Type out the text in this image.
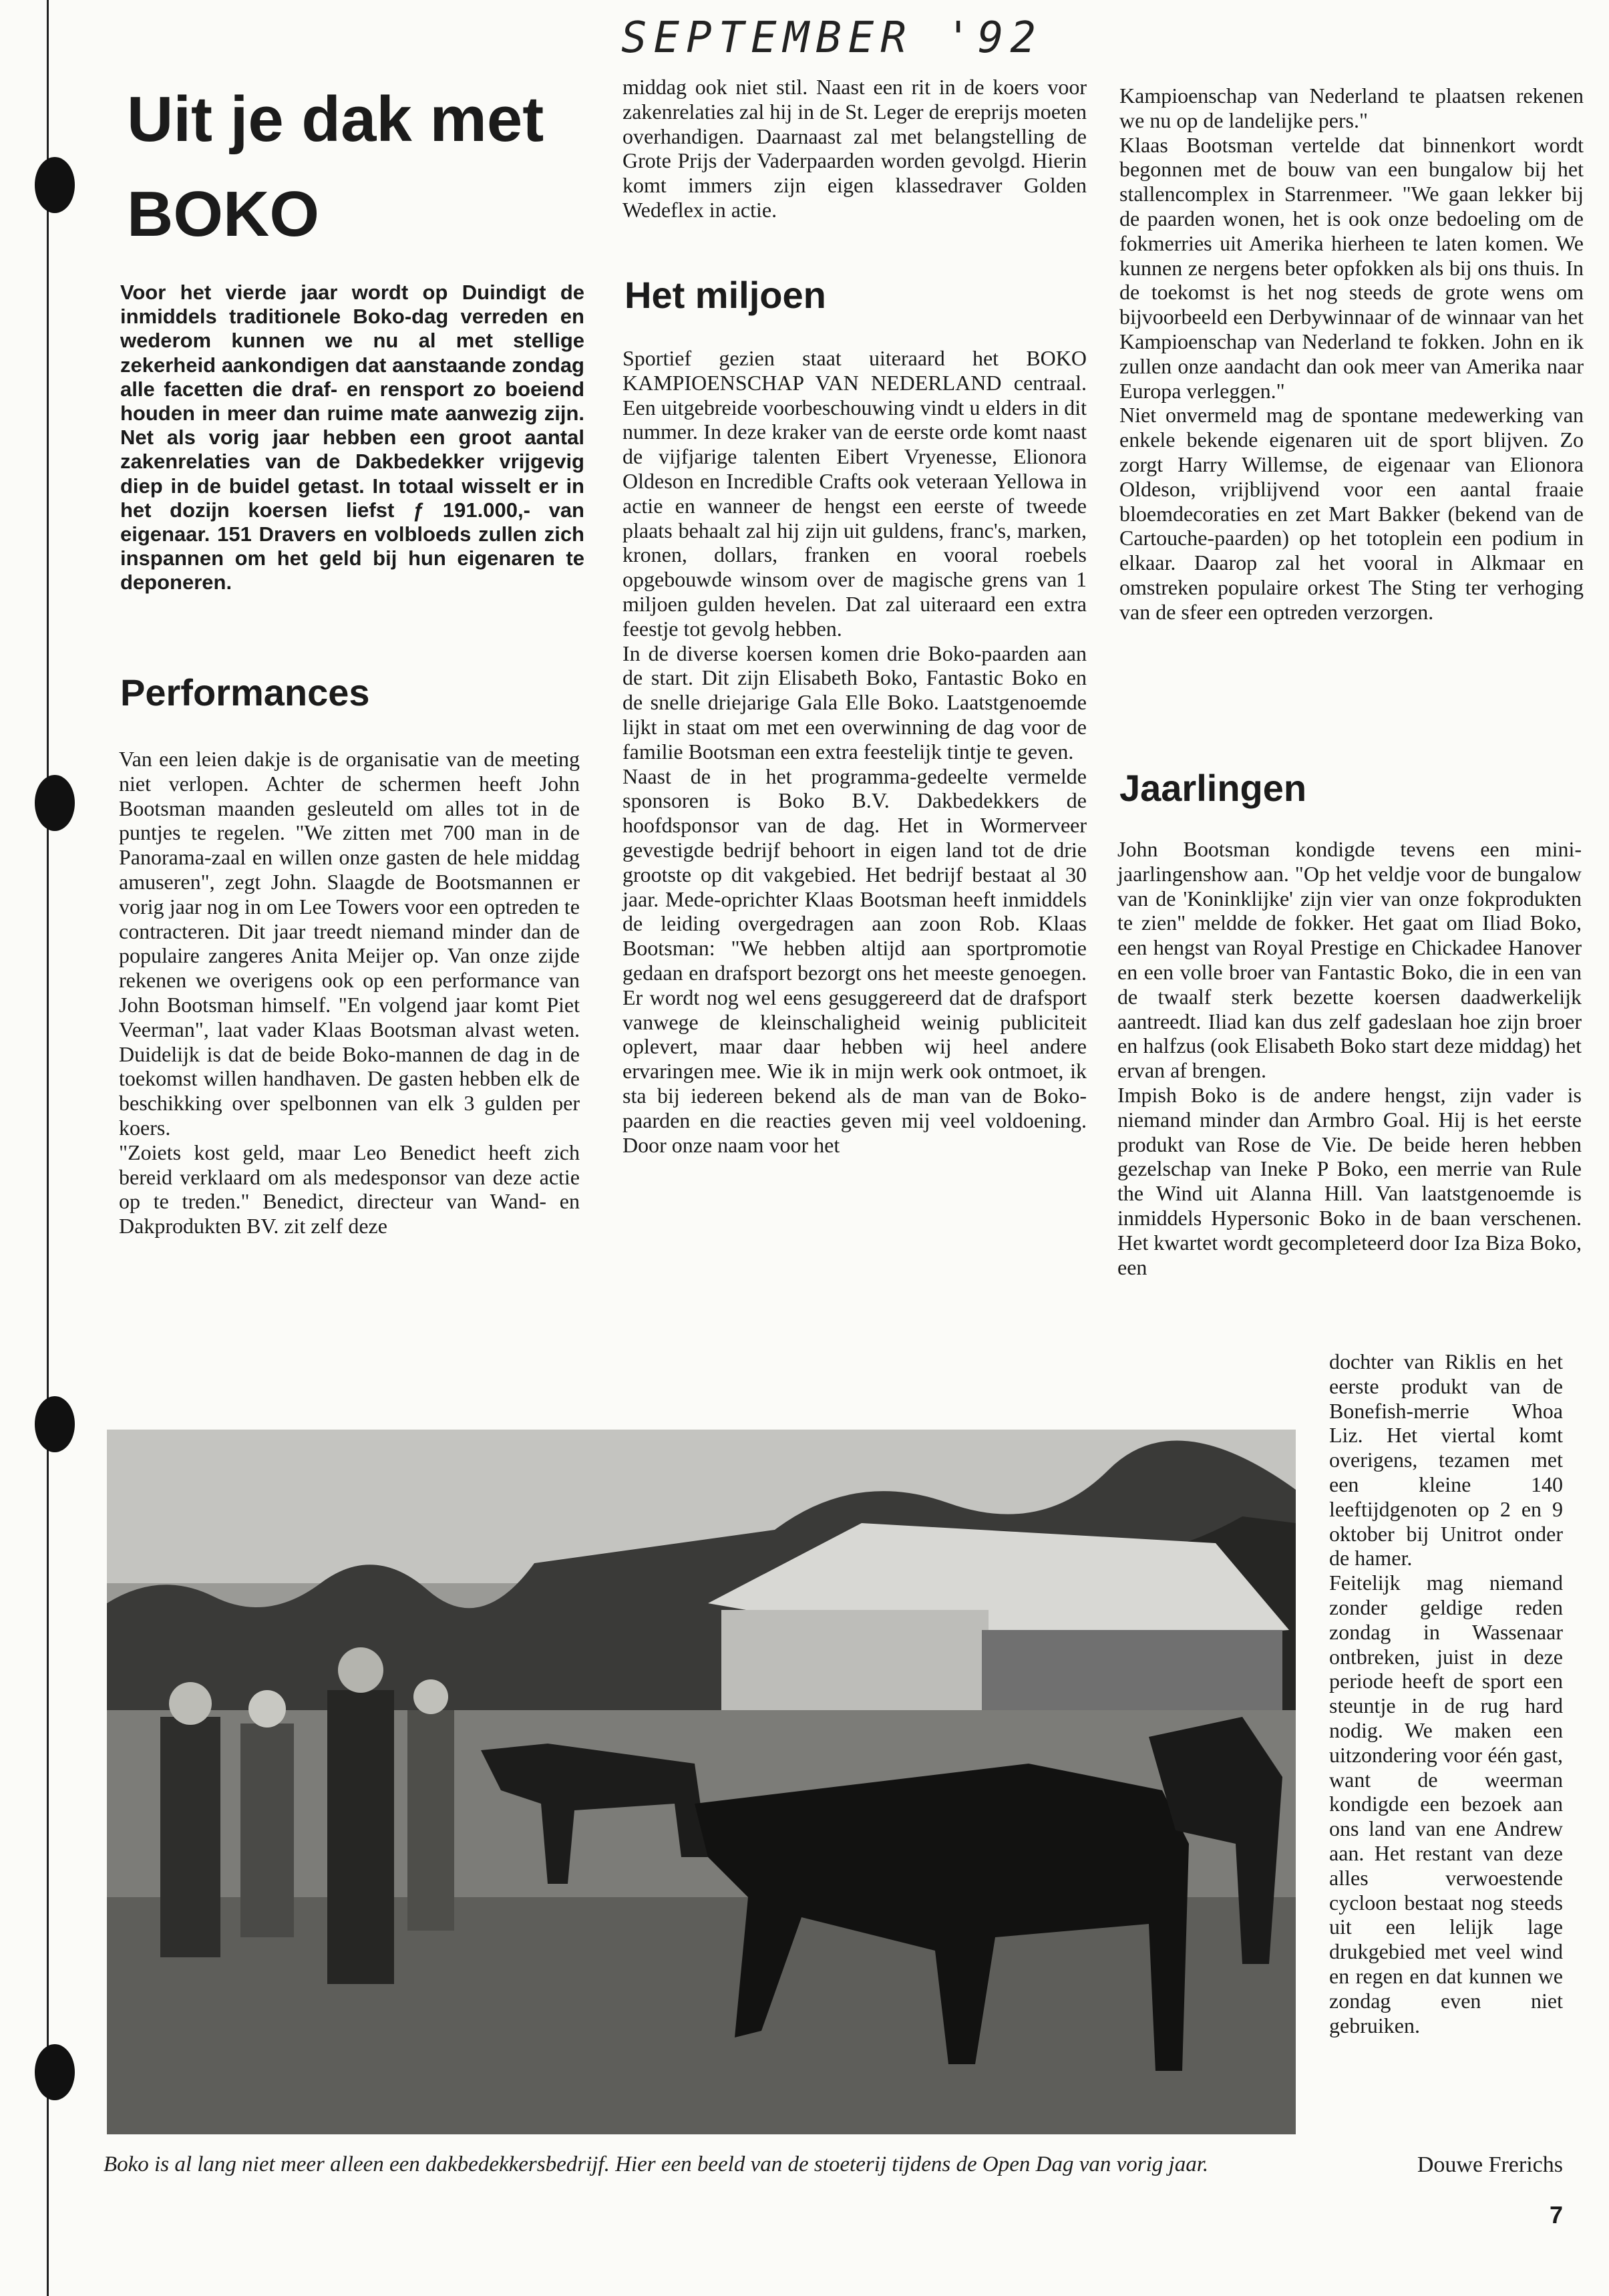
SEPTEMBER '92
Uit je dak met
BOKO

Voor het vierde jaar wordt op Duindigt de inmiddels traditionele Boko-dag verreden en wederom kunnen we nu al met stellige zekerheid aankondigen dat aanstaande zondag alle facetten die draf- en rensport zo boeiend houden in meer dan ruime mate aanwezig zijn. Net als vorig jaar hebben een groot aantal zakenrelaties van de Dakbedekker vrijgevig diep in de buidel getast. In totaal wisselt er in het dozijn koersen liefst ƒ 191.000,- van eigenaar. 151 Dravers en volbloeds zullen zich inspannen om het geld bij hun eigenaren te deponeren.

Performances

Van een leien dakje is de organisatie van de meeting niet verlopen. Achter de schermen heeft John Bootsman maanden gesleuteld om alles tot in de puntjes te regelen. "We zitten met 700 man in de Panorama-zaal en willen onze gasten de hele middag amuseren", zegt John. Slaagde de Bootsmannen er vorig jaar nog in om Lee Towers voor een optreden te contracteren. Dit jaar treedt niemand minder dan de populaire zangeres Anita Meijer op. Van onze zijde rekenen we overigens ook op een performance van John Bootsman himself. "En volgend jaar komt Piet Veerman", laat vader Klaas Bootsman alvast weten. Duidelijk is dat de beide Boko-mannen de dag in de toekomst willen handhaven. De gasten hebben elk de beschikking over spelbonnen van elk 3 gulden per koers.

"Zoiets kost geld, maar Leo Benedict heeft zich bereid verklaard om als medesponsor van deze actie op te treden." Benedict, directeur van Wand- en Dakprodukten BV. zit zelf deze

middag ook niet stil. Naast een rit in de koers voor zakenrelaties zal hij in de St. Leger de ereprijs moeten overhandigen. Daarnaast zal met belangstelling de Grote Prijs der Vaderpaarden worden gevolgd. Hierin komt immers zijn eigen klassedraver Golden Wedeflex in actie.

Het miljoen

Sportief gezien staat uiteraard het BOKO KAMPIOENSCHAP VAN NEDERLAND centraal. Een uitgebreide voorbeschouwing vindt u elders in dit nummer. In deze kraker van de eerste orde komt naast de vijfjarige talenten Eibert Vryenesse, Elionora Oldeson en Incredible Crafts ook veteraan Yellowa in actie en wanneer de hengst een eerste of tweede plaats behaalt zal hij zijn uit guldens, franc's, marken, kronen, dollars, franken en vooral roebels opgebouwde winsom over de magische grens van 1 miljoen gulden hevelen. Dat zal uiteraard een extra feestje tot gevolg hebben.

In de diverse koersen komen drie Boko-paarden aan de start. Dit zijn Elisabeth Boko, Fantastic Boko en de snelle driejarige Gala Elle Boko. Laatstgenoemde lijkt in staat om met een overwinning de dag voor de familie Bootsman een extra feestelijk tintje te geven.

Naast de in het programma-gedeelte vermelde sponsoren is Boko B.V. Dakbedekkers de hoofdsponsor van de dag. Het in Wormerveer gevestigde bedrijf behoort in eigen land tot de drie grootste op dit vakgebied. Het bedrijf bestaat al 30 jaar. Mede-oprichter Klaas Bootsman heeft inmiddels de leiding overgedragen aan zoon Rob. Klaas Bootsman: "We hebben altijd aan sportpromotie gedaan en drafsport bezorgt ons het meeste genoegen. Er wordt nog wel eens gesuggereerd dat de drafsport vanwege de kleinschaligheid weinig publiciteit oplevert, maar daar hebben wij heel andere ervaringen mee. Wie ik in mijn werk ook ontmoet, ik sta bij iedereen bekend als de man van de Boko-paarden en die reacties geven mij veel voldoening. Door onze naam voor het

Kampioenschap van Nederland te plaatsen rekenen we nu op de landelijke pers."

Klaas Bootsman vertelde dat binnenkort wordt begonnen met de bouw van een bungalow bij het stallencomplex in Starrenmeer. "We gaan lekker bij de paarden wonen, het is ook onze bedoeling om de fokmerries uit Amerika hierheen te laten komen. We kunnen ze nergens beter opfokken als bij ons thuis. In de toekomst is het nog steeds de grote wens om bijvoorbeeld een Derbywinnaar of de winnaar van het Kampioenschap van Nederland te fokken. John en ik zullen onze aandacht dan ook meer van Amerika naar Europa verleggen."

Niet onvermeld mag de spontane medewerking van enkele bekende eigenaren uit de sport blijven. Zo zorgt Harry Willemse, de eigenaar van Elionora Oldeson, vrijblijvend voor een aantal fraaie bloemdecoraties en zet Mart Bakker (bekend van de Cartouche-paarden) op het totoplein een podium in elkaar. Daarop zal het vooral in Alkmaar en omstreken populaire orkest The Sting ter verhoging van de sfeer een optreden verzorgen.

Jaarlingen

John Bootsman kondigde tevens een mini-jaarlingenshow aan. "Op het veldje voor de bungalow van de 'Koninklijke' zijn vier van onze fokprodukten te zien" meldde de fokker. Het gaat om Iliad Boko, een hengst van Royal Prestige en Chickadee Hanover en een volle broer van Fantastic Boko, die in een van de twaalf sterk bezette koersen daadwerkelijk aantreedt. Iliad kan dus zelf gadeslaan hoe zijn broer en halfzus (ook Elisabeth Boko start deze middag) het ervan af brengen.

Impish Boko is de andere hengst, zijn vader is niemand minder dan Armbro Goal. Hij is het eerste produkt van Rose de Vie. De beide heren hebben gezelschap van Ineke P Boko, een merrie van Rule the Wind uit Alanna Hill. Van laatstgenoemde is inmiddels Hypersonic Boko in de baan verschenen. Het kwartet wordt gecompleteerd door Iza Biza Boko, een

dochter van Riklis en het eerste produkt van de Bonefish-merrie Whoa Liz. Het viertal komt overigens, tezamen met een kleine 140 leeftijdgenoten op 2 en 9 oktober bij Unitrot onder de hamer.

Feitelijk mag niemand zonder geldige reden zondag in Wassenaar ontbreken, juist in deze periode heeft de sport een steuntje in de rug hard nodig. We maken een uitzondering voor één gast, want de weerman kondigde een bezoek aan ons land van ene Andrew aan. Het restant van deze alles verwoestende cycloon bestaat nog steeds uit een lelijk lage drukgebied met veel wind en regen en dat kunnen we zondag even niet gebruiken.

Boko is al lang niet meer alleen een dakbedekkersbedrijf. Hier een beeld van de stoeterij tijdens de Open Dag van vorig jaar.	Douwe Frerichs
7
